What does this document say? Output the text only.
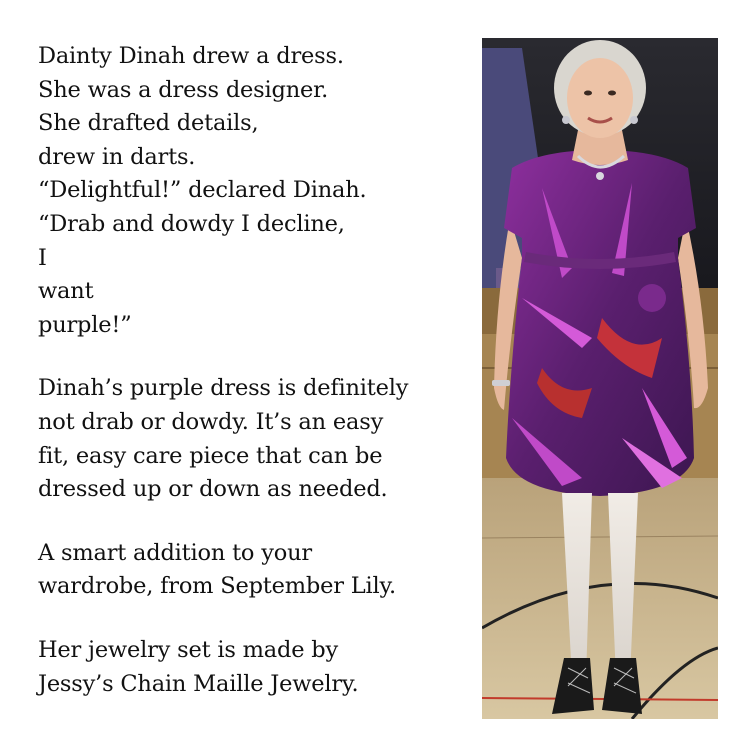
Dainty Dinah drew a dress.
She was a dress designer.
She drafted details,
drew in darts.
“Delightful!” declared Dinah.
“Drab and dowdy I decline,
I
want
purple!”
Dinah’s purple dress is definitely
not drab or dowdy. It’s an easy
fit, easy care piece that can be
dressed up or down as needed.
A smart addition to your
wardrobe, from September Lily.
Her jewelry set is made by
Jessy’s Chain Maille Jewelry.
